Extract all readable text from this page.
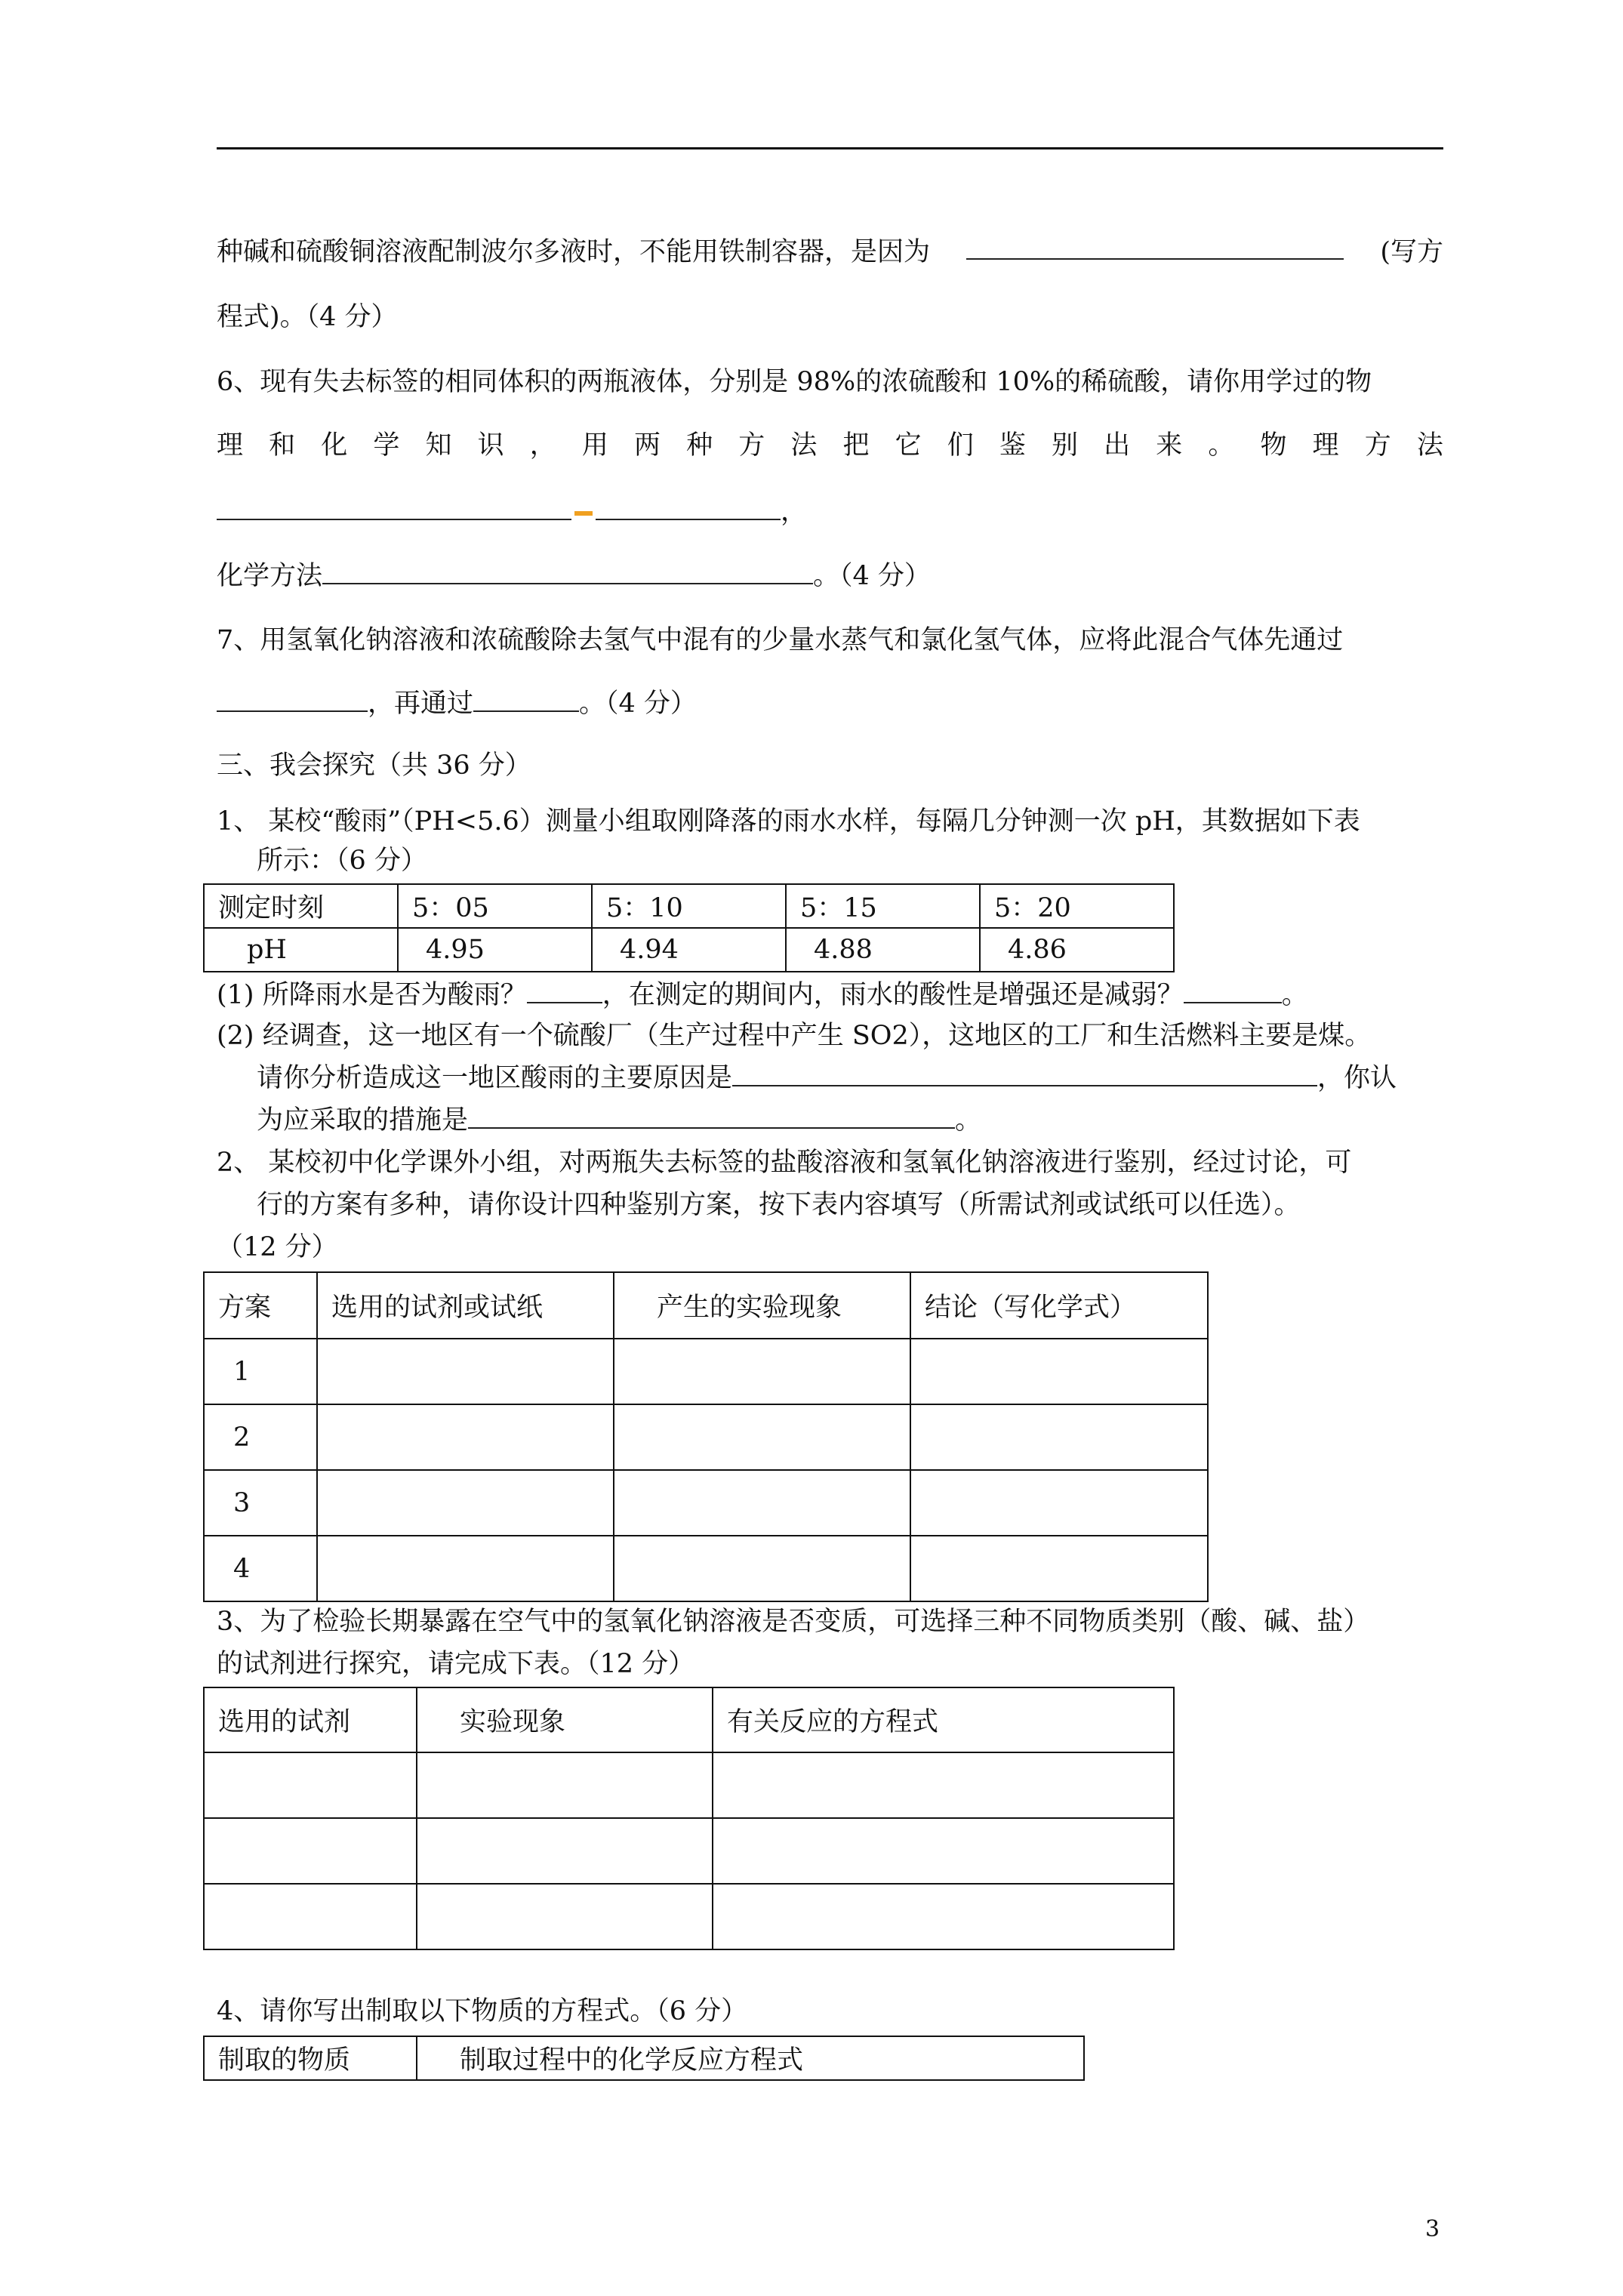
种碱和硫酸铜溶液配制波尔多液时，不能用铁制容器，是因为	(写方
程式)。（4 分）
6、现有失去标签的相同体积的两瓶液体，分别是 98%的浓硫酸和 10%的稀硫酸，请你用学过的物
理 和 化 学 知 识 ， 用 两 种 方 法 把 它 们 鉴 别 出 来 。 物 理 方 法
，
化学方法	。（4 分）
7、用氢氧化钠溶液和浓硫酸除去氢气中混有的少量水蒸气和氯化氢气体，应将此混合气体先通过
，再通过	。（4 分）
三、我会探究（共 36 分）
1、 某校“酸雨”（PH<5.6）测量小组取刚降落的雨水水样，每隔几分钟测一次 pH，其数据如下表
所示：（6 分）
测定时刻	5：05	5：10	5：15	5：20
pH	4.95	4.94	4.88	4.86
(1) 所降雨水是否为酸雨？	，在测定的期间内，雨水的酸性是增强还是减弱？	。
(2) 经调查，这一地区有一个硫酸厂（生产过程中产生 SO2），这地区的工厂和生活燃料主要是煤。
请你分析造成这一地区酸雨的主要原因是	，你认
为应采取的措施是	。
2、 某校初中化学课外小组，对两瓶失去标签的盐酸溶液和氢氧化钠溶液进行鉴别，经过讨论，可
行的方案有多种，请你设计四种鉴别方案，按下表内容填写（所需试剂或试纸可以任选）。
（12 分）
方案	选用的试剂或试纸	产生的实验现象	结论（写化学式）
1			
2			
3			
4			
3、为了检验长期暴露在空气中的氢氧化钠溶液是否变质，可选择三种不同物质类别（酸、碱、盐）
的试剂进行探究，请完成下表。（12 分）
选用的试剂	实验现象	有关反应的方程式

4、请你写出制取以下物质的方程式。（6 分）
制取的物质	制取过程中的化学反应方程式
3
